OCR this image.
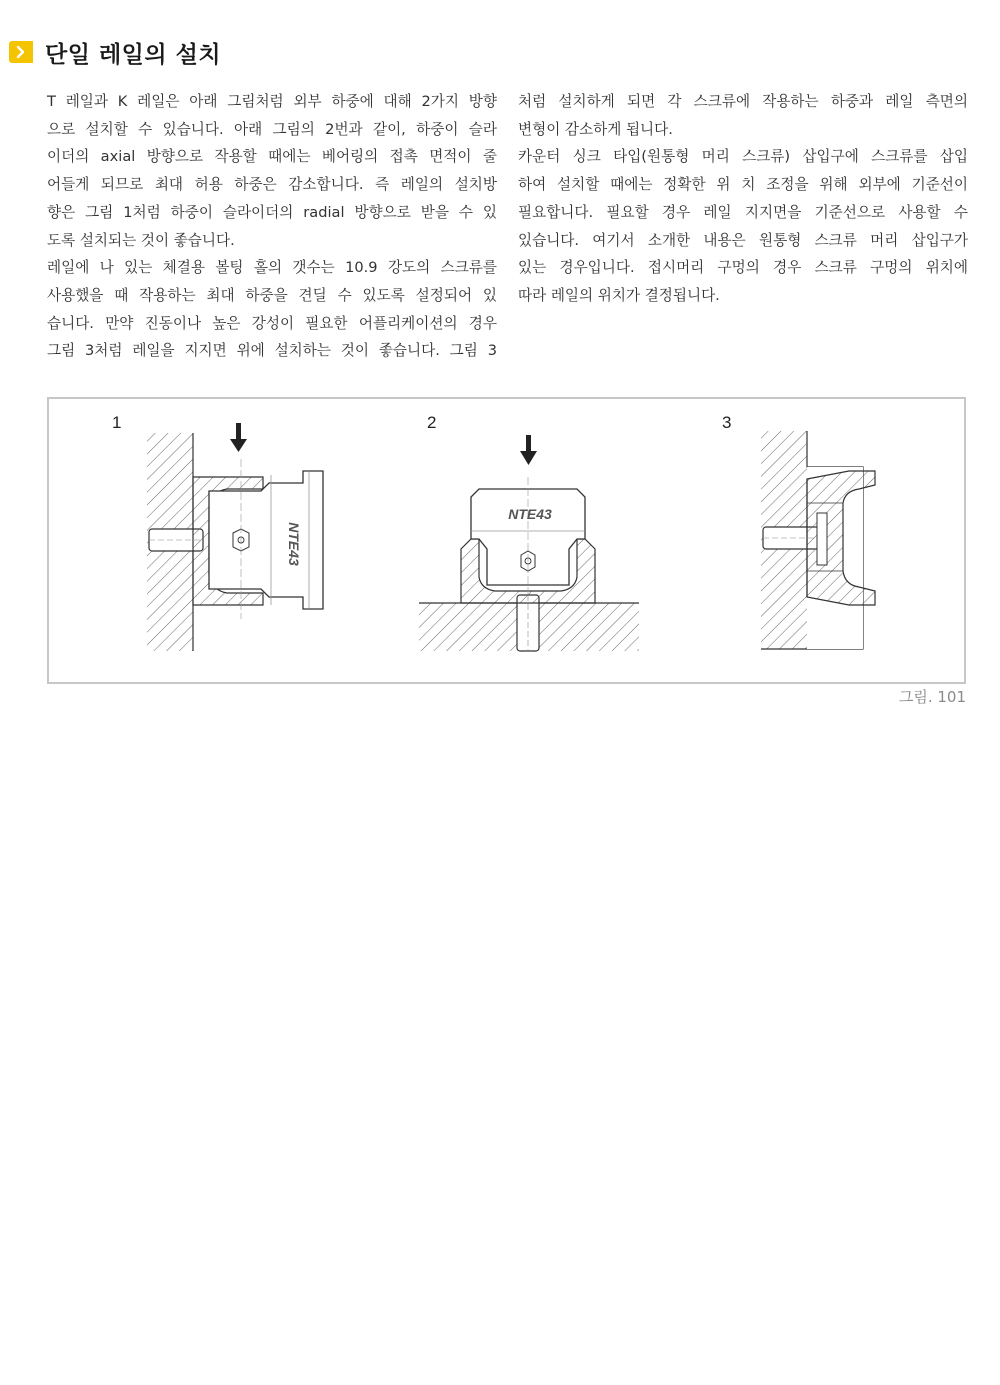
단일 레일의 설치
T 레일과 K 레일은 아래 그림처럼 외부 하중에 대해 2가지 방향
으로 설치할 수 있습니다. 아래 그림의 2번과 같이, 하중이 슬라
이더의 axial 방향으로 작용할 때에는 베어링의 접촉 면적이 줄
어들게 되므로 최대 허용 하중은 감소합니다. 즉 레일의 설치방
향은 그림 1처럼 하중이 슬라이더의 radial 방향으로 받을 수 있
도록 설치되는 것이 좋습니다.
레일에 나 있는 체결용 볼팅 홀의 갯수는 10.9 강도의 스크류를
사용했을 때 작용하는 최대 하중을 견딜 수 있도록 설정되어 있
습니다. 만약 진동이나 높은 강성이 필요한 어플리케이션의 경우
그림 3처럼 레일을 지지면 위에 설치하는 것이 좋습니다. 그림 3
처럼 설치하게 되면 각 스크류에 작용하는 하중과 레일 측면의
변형이 감소하게 됩니다.
카운터 싱크 타입(원통형 머리 스크류) 삽입구에 스크류를 삽입
하여 설치할 때에는 정확한 위 치 조정을 위해 외부에 기준선이
필요합니다. 필요할 경우 레일 지지면을 기준선으로 사용할 수
있습니다. 여기서 소개한 내용은 원통형 스크류 머리 삽입구가
있는 경우입니다. 접시머리 구멍의 경우 스크류 구멍의 위치에
따라 레일의 위치가 결정됩니다.
1	2	3
NTE43
NTE43
그림. 101
